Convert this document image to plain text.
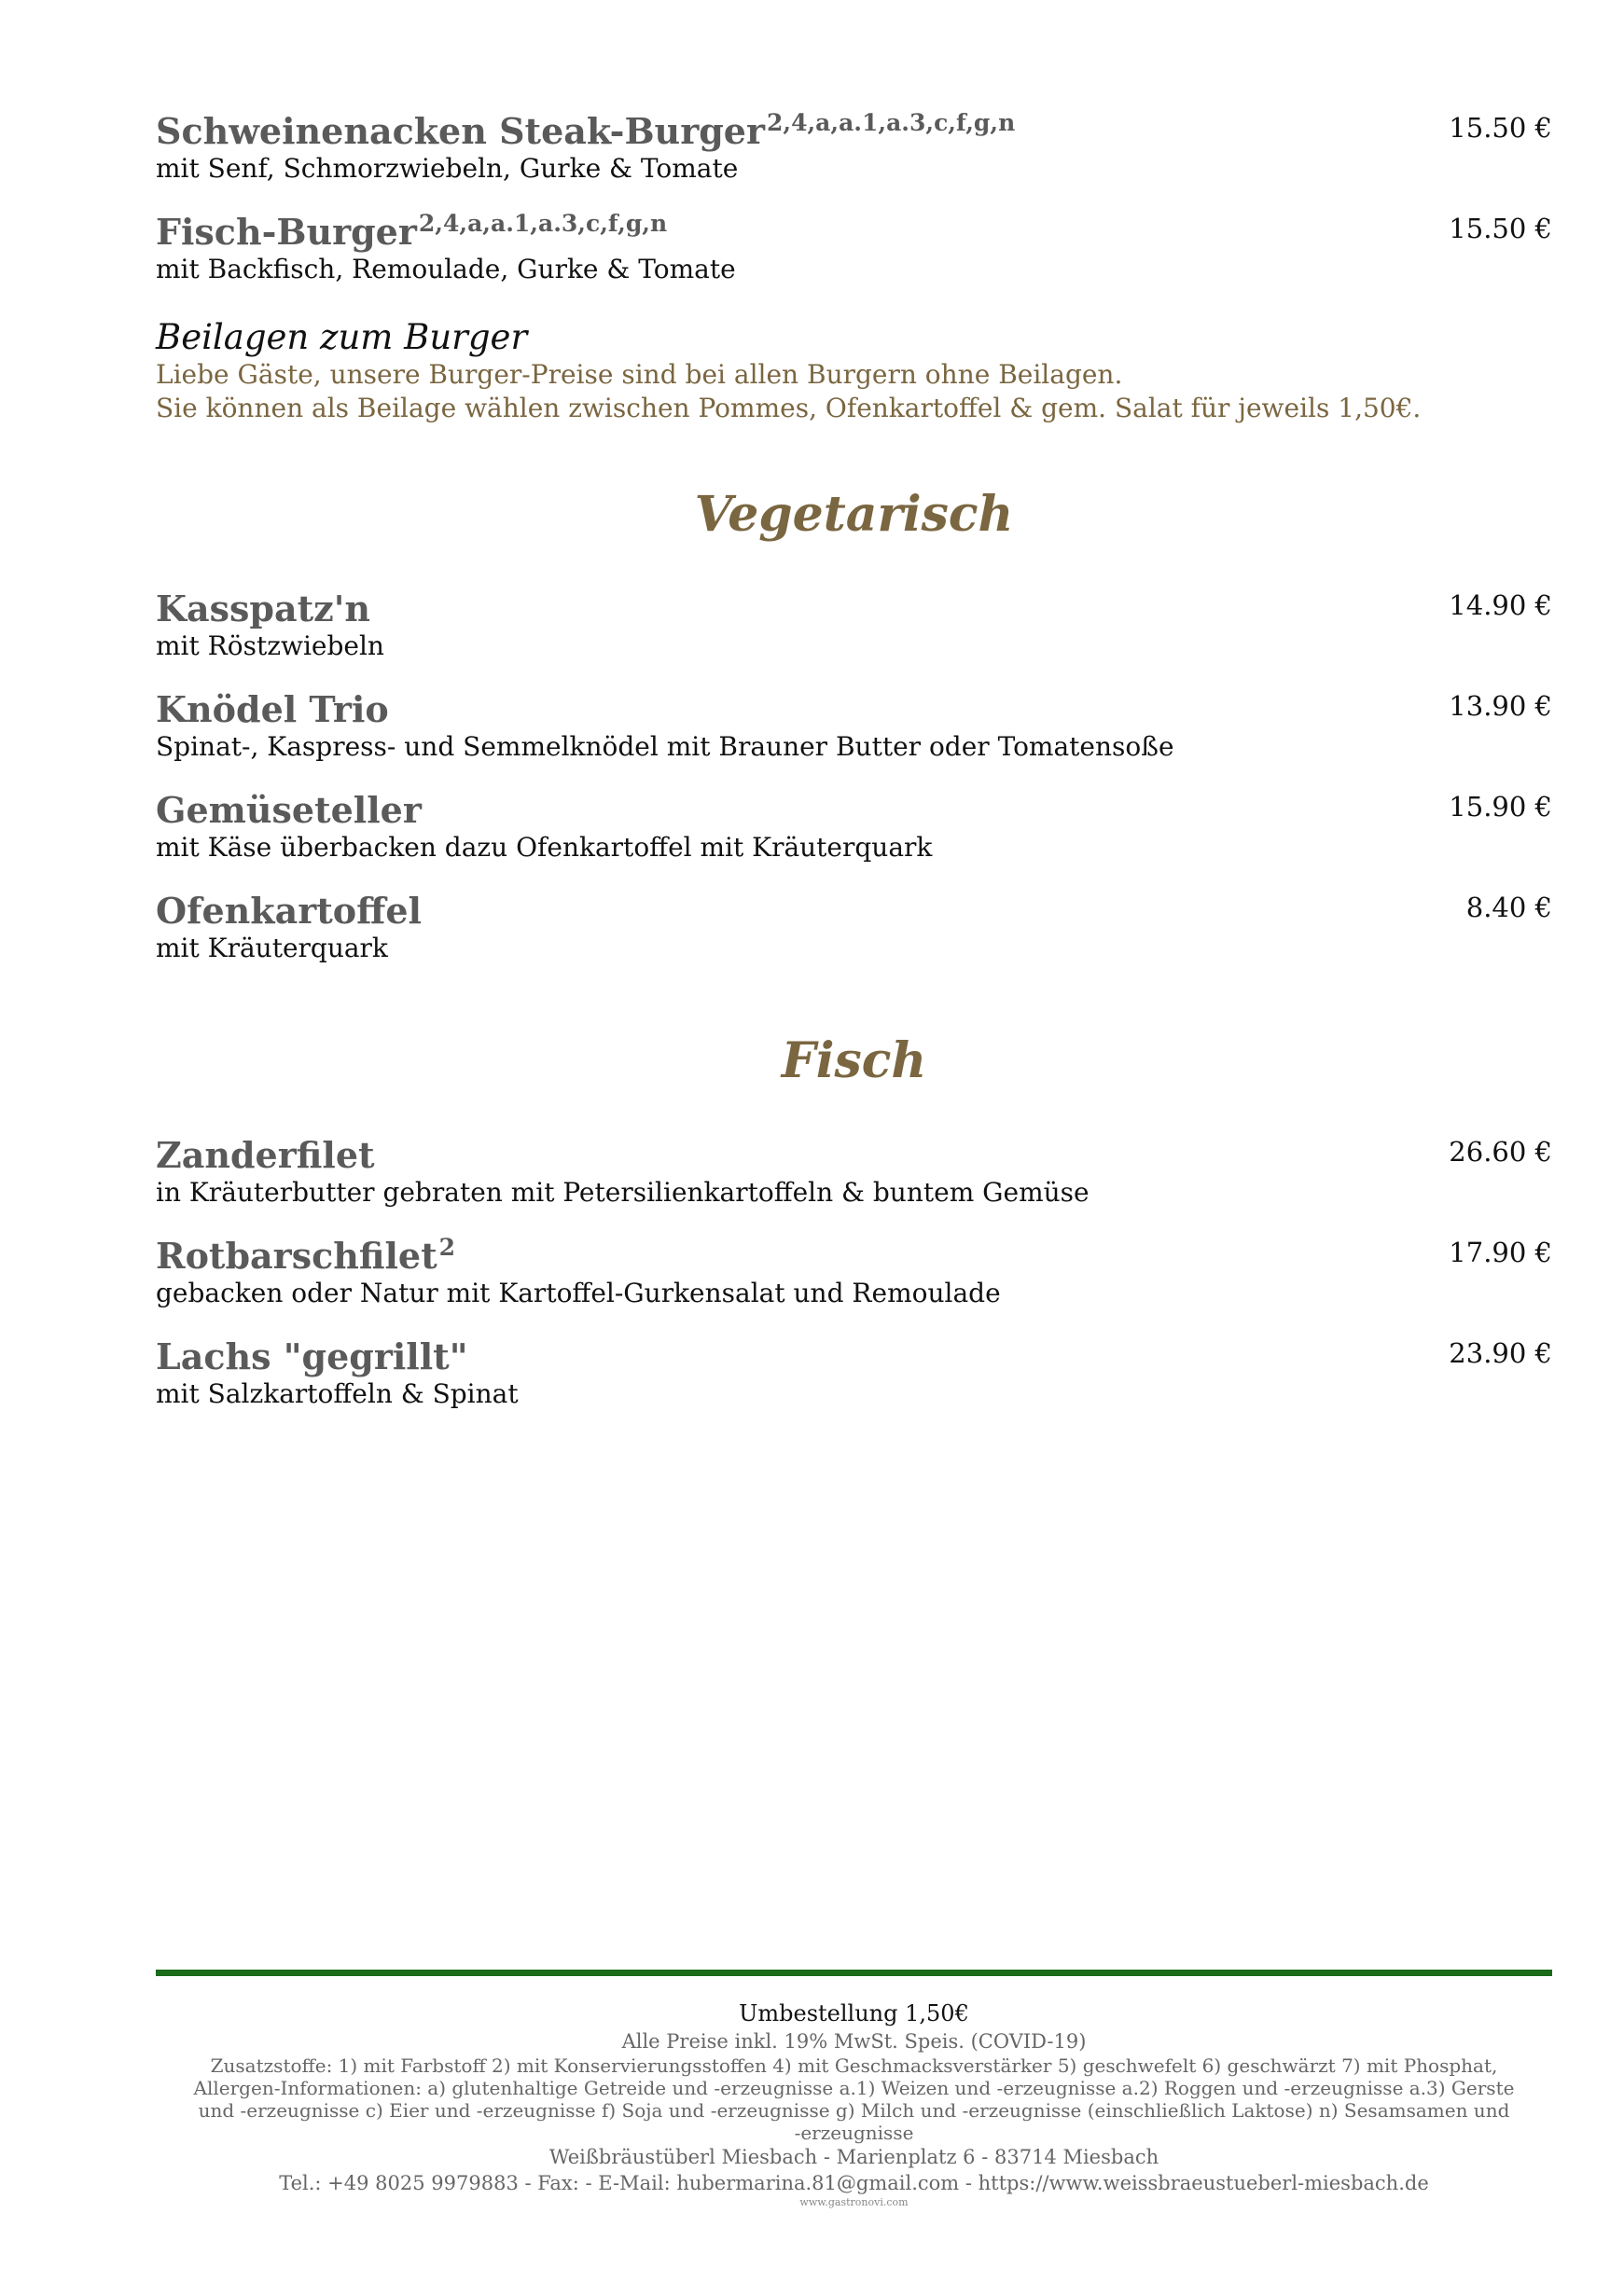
Schweinenacken Steak-Burger$^{2,4,a,a.1,a.3,c,f,g,n}$
mit Senf, Schmorzwiebeln, Gurke & Tomate
15.50 €
Fisch-Burger$^{2,4,a,a.1,a.3,c,f,g,n}$
mit Backfisch, Remoulade, Gurke & Tomate
15.50 €
Beilagen zum Burger
Liebe Gäste, unsere Burger-Preise sind bei allen Burgern ohne Beilagen.
Sie können als Beilage wählen zwischen Pommes, Ofenkartoffel & gem. Salat für jeweils 1,50€.
Vegetarisch
Kasspatz'n
mit Röstzwiebeln
14.90 €
Knödel Trio
Spinat-, Kaspress- und Semmelknödel mit Brauner Butter oder Tomatensoße
13.90 €
Gemüseteller
mit Käse überbacken dazu Ofenkartoffel mit Kräuterquark
15.90 €
Ofenkartoffel
mit Kräuterquark
8.40 €
Fisch
Zanderfilet
in Kräuterbutter gebraten mit Petersilienkartoffeln & buntem Gemüse
26.60 €
Rotbarschfilet$^2$
gebacken oder Natur mit Kartoffel-Gurkensalat und Remoulade
17.90 €
Lachs "gegrillt"
mit Salzkartoffeln & Spinat
23.90 €
Umbestellung 1,50€
Alle Preise inkl. 19% MwSt. Speis. (COVID-19)
Zusatzstoffe: 1) mit Farbstoff 2) mit Konservierungsstoffen 4) mit Geschmacksverstärker 5) geschwefelt 6) geschwärzt 7) mit Phosphat,
Allergen-Informationen: a) glutenhaltige Getreide und -erzeugnisse a.1) Weizen und -erzeugnisse a.2) Roggen und -erzeugnisse a.3) Gerste
und -erzeugnisse c) Eier und -erzeugnisse f) Soja und -erzeugnisse g) Milch und -erzeugnisse (einschließlich Laktose) n) Sesamsamen und
-erzeugnisse
Weißbräustüberl Miesbach - Marienplatz 6 - 83714 Miesbach
Tel.: +49 8025 9979883 - Fax: - E-Mail: hubermarina.81@gmail.com - https://www.weissbraeustueberl-miesbach.de
www.gastronovi.com
